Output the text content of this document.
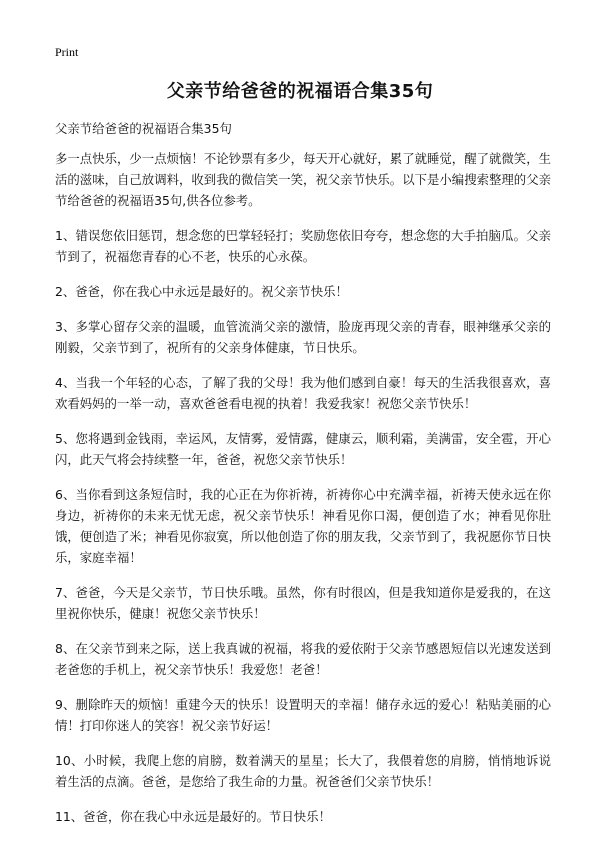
Print
父亲节给爸爸的祝福语合集35句

父亲节给爸爸的祝福语合集35句

多一点快乐，少一点烦恼！不论钞票有多少，每天开心就好，累了就睡觉，醒了就微笑，生活的滋味，自己放调料，收到我的微信笑一笑，祝父亲节快乐。以下是小编搜索整理的父亲节给爸爸的祝福语35句,供各位参考。

1、错误您依旧惩罚，想念您的巴掌轻轻打；奖励您依旧夸夸，想念您的大手拍脑瓜。父亲节到了，祝福您青春的心不老，快乐的心永葆。

2、爸爸，你在我心中永远是最好的。祝父亲节快乐！

3、多掌心留存父亲的温暖，血管流淌父亲的激情，脸庞再现父亲的青春，眼神继承父亲的刚毅，父亲节到了，祝所有的父亲身体健康，节日快乐。

4、当我一个年轻的心态，了解了我的父母！我为他们感到自豪！每天的生活我很喜欢，喜欢看妈妈的一举一动，喜欢爸爸看电视的执着！我爱我家！祝您父亲节快乐！

5、您将遇到金钱雨，幸运风，友情雾，爱情露，健康云，顺利霜，美满雷，安全雹，开心闪，此天气将会持续整一年，爸爸，祝您父亲节快乐！

6、当你看到这条短信时，我的心正在为你祈祷，祈祷你心中充满幸福，祈祷天使永远在你身边，祈祷你的未来无忧无虑，祝父亲节快乐！神看见你口渴，便创造了水；神看见你肚饿，便创造了米；神看见你寂寞，所以他创造了你的朋友我，父亲节到了，我祝愿你节日快乐，家庭幸福！

7、爸爸，今天是父亲节，节日快乐哦。虽然，你有时很凶，但是我知道你是爱我的，在这里祝你快乐，健康！祝您父亲节快乐！

8、在父亲节到来之际，送上我真诚的祝福，将我的爱依附于父亲节感恩短信以光速发送到老爸您的手机上，祝父亲节快乐！我爱您！老爸！

9、删除昨天的烦恼！重建今天的快乐！设置明天的幸福！储存永远的爱心！粘贴美丽的心情！打印你迷人的笑容！祝父亲节好运！

10、小时候，我爬上您的肩膀，数着满天的星星；长大了，我偎着您的肩膀，悄悄地诉说着生活的点滴。爸爸，是您给了我生命的力量。祝爸爸们父亲节快乐！

11、爸爸，你在我心中永远是最好的。节日快乐！
